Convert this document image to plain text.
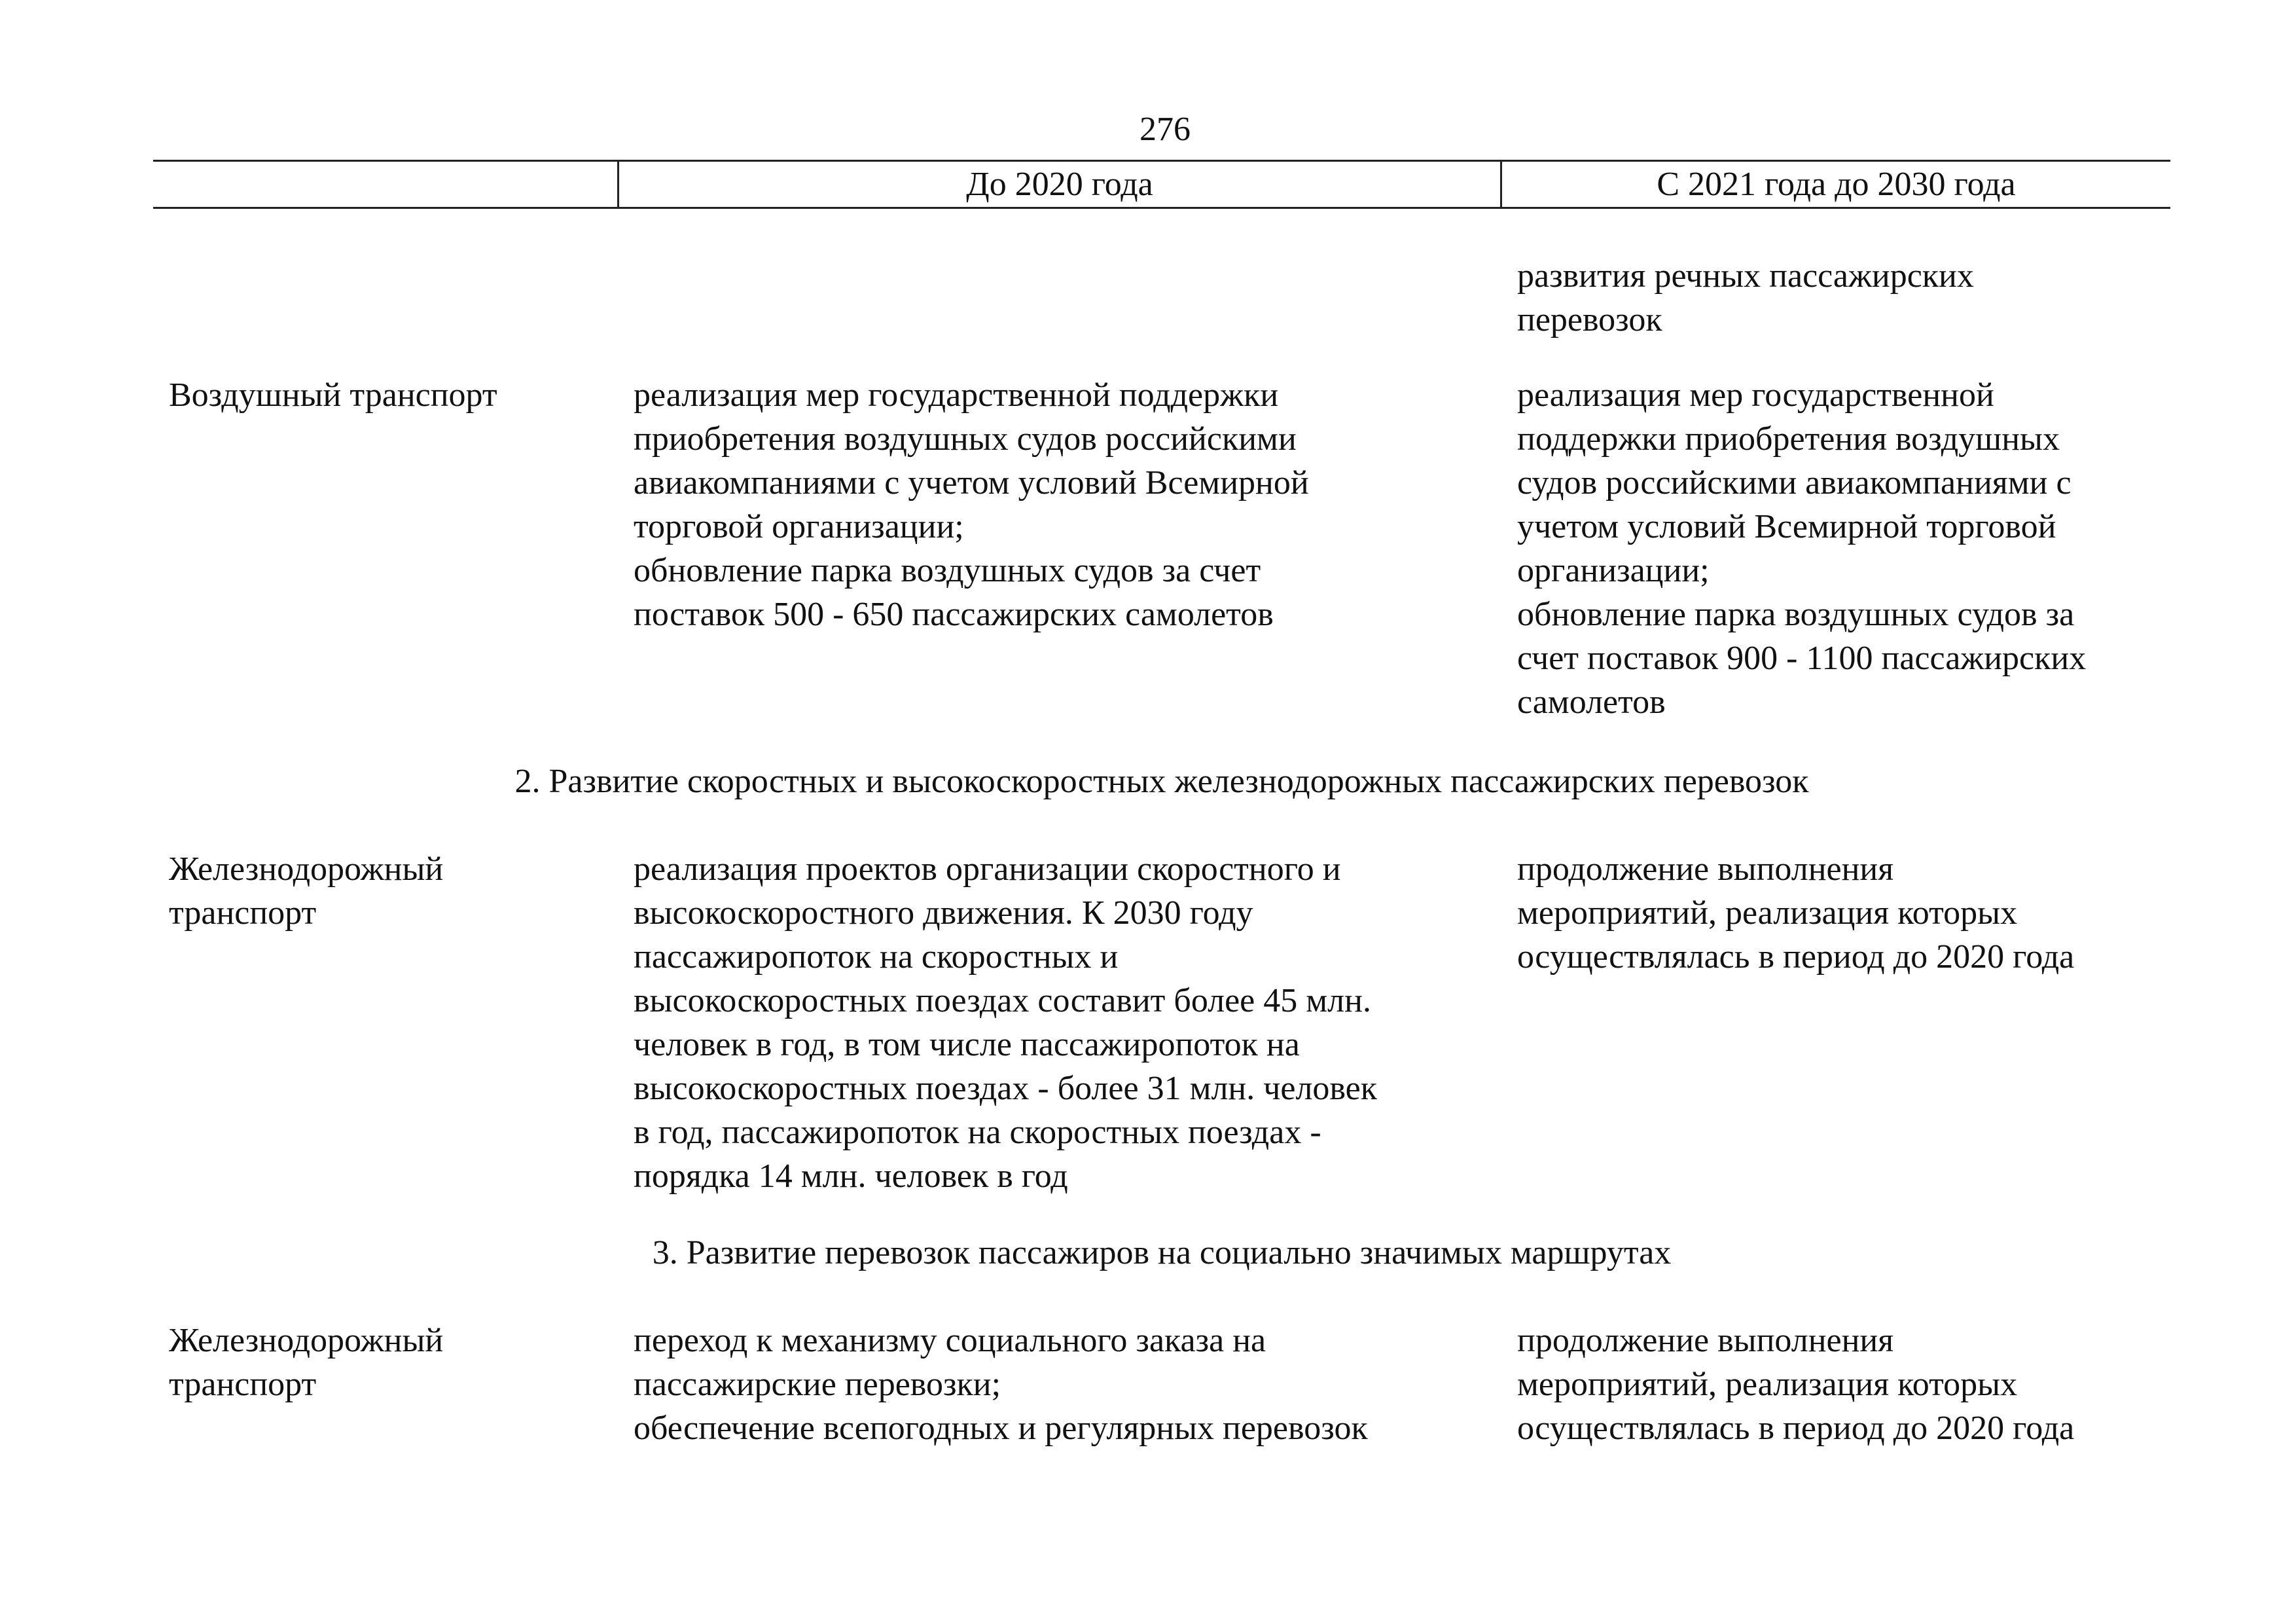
276
До 2020 года	С 2021 года до 2030 года
развития речных пассажирских
перевозок
Воздушный транспорт	реализация мер государственной поддержки
приобретения воздушных судов российскими
авиакомпаниями с учетом условий Всемирной
торговой организации;
обновление парка воздушных судов за счет
поставок 500 - 650 пассажирских самолетов
реализация мер государственной
поддержки приобретения воздушных
судов российскими авиакомпаниями с
учетом условий Всемирной торговой
организации;
обновление парка воздушных судов за
счет поставок 900 - 1100 пассажирских
самолетов
2. Развитие скоростных и высокоскоростных железнодорожных пассажирских перевозок
Железнодорожный
транспорт
реализация проектов организации скоростного и
высокоскоростного движения. К 2030 году
пассажиропоток на скоростных и
высокоскоростных поездах составит более 45 млн.
человек в год, в том числе пассажиропоток на
высокоскоростных поездах - более 31 млн. человек
в год, пассажиропоток на скоростных поездах -
порядка 14 млн. человек в год
продолжение выполнения
мероприятий, реализация которых
осуществлялась в период до 2020 года
3. Развитие перевозок пассажиров на социально значимых маршрутах
Железнодорожный
транспорт
переход к механизму социального заказа на
пассажирские перевозки;
обеспечение всепогодных и регулярных перевозок
продолжение выполнения
мероприятий, реализация которых
осуществлялась в период до 2020 года
